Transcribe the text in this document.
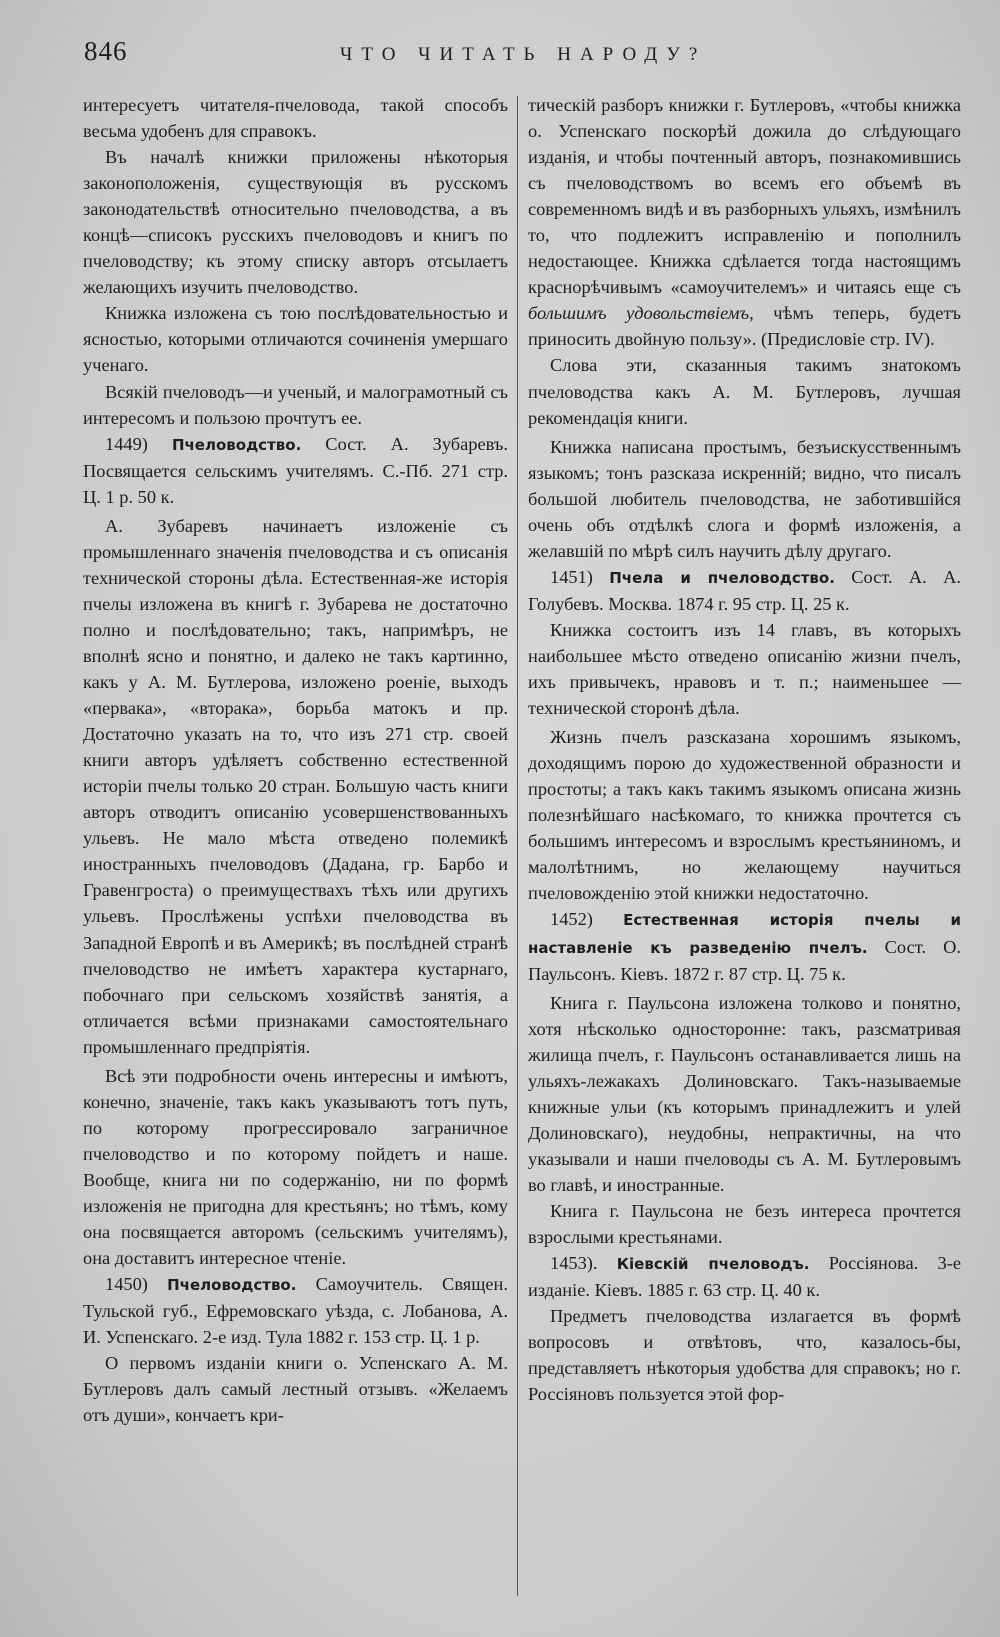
846	ЧТО ЧИТАТЬ НАРОДУ?

интересуетъ читателя-пчеловода, такой способъ весьма удобенъ для справокъ.

Въ началѣ книжки приложены нѣкоторыя законоположенія, существующія въ русскомъ законодательствѣ относительно пчеловодства, а въ концѣ—списокъ русскихъ пчеловодовъ и книгъ по пчеловодству; къ этому списку авторъ отсылаетъ желающихъ изучить пчеловодство.

Книжка изложена съ тою послѣдовательностью и ясностью, которыми отличаются сочиненія умершаго ученаго.

Всякій пчеловодъ—и ученый, и малограмотный съ интересомъ и пользою прочтутъ ее.

1449) Пчеловодство. Сост. А. Зубаревъ. Посвящается сельскимъ учителямъ. С.-Пб. 271 стр. Ц. 1 р. 50 к.

А. Зубаревъ начинаетъ изложеніе съ промышленнаго значенія пчеловодства и съ описанія технической стороны дѣла. Естественная-же исторія пчелы изложена въ книгѣ г. Зубарева не достаточно полно и послѣдовательно; такъ, напримѣръ, не вполнѣ ясно и понятно, и далеко не такъ картинно, какъ у А. М. Бутлерова, изложено роеніе, выходъ «первака», «вторака», борьба матокъ и пр. Достаточно указать на то, что изъ 271 стр. своей книги авторъ удѣляетъ собственно естественной исторіи пчелы только 20 стран. Большую часть книги авторъ отводитъ описанію усовершенствованныхъ ульевъ. Не мало мѣста отведено полемикѣ иностранныхъ пчеловодовъ (Дадана, гр. Барбо и Гравенгроста) о преимуществахъ тѣхъ или другихъ ульевъ. Прослѣжены успѣхи пчеловодства въ Западной Европѣ и въ Америкѣ; въ послѣдней странѣ пчеловодство не имѣетъ характера кустарнаго, побочнаго при сельскомъ хозяйствѣ занятія, а отличается всѣми признаками самостоятельнаго промышленнаго предпріятія.

Всѣ эти подробности очень интересны и имѣютъ, конечно, значеніе, такъ какъ указываютъ тотъ путь, по которому прогрессировало заграничное пчеловодство и по которому пойдетъ и наше. Вообще, книга ни по содержанію, ни по формѣ изложенія не пригодна для крестьянъ; но тѣмъ, кому она посвящается авторомъ (сельскимъ учителямъ), она доставитъ интересное чтеніе.

1450) Пчеловодство. Самоучитель. Священ. Тульской губ., Ефремовскаго уѣзда, с. Лобанова, А. И. Успенскаго. 2-е изд. Тула 1882 г. 153 стр. Ц. 1 р.

О первомъ изданіи книги о. Успенскаго А. М. Бутлеровъ далъ самый лестный отзывъ. «Желаемъ отъ души», кончаетъ кри-

тическій разборъ книжки г. Бутлеровъ, «чтобы книжка о. Успенскаго поскорѣй дожила до слѣдующаго изданія, и чтобы почтенный авторъ, познакомившись съ пчеловодствомъ во всемъ его объемѣ въ современномъ видѣ и въ разборныхъ ульяхъ, измѣнилъ то, что подлежитъ исправленію и пополнилъ недостающее. Книжка сдѣлается тогда настоящимъ краснорѣчивымъ «самоучителемъ» и читаясь еще съ большимъ удовольствіемъ, чѣмъ теперь, будетъ приносить двойную пользу». (Предисловіе стр. IV).

Слова эти, сказанныя такимъ знатокомъ пчеловодства какъ А. М. Бутлеровъ, лучшая рекомендація книги.

Книжка написана простымъ, безъискусственнымъ языкомъ; тонъ разсказа искренній; видно, что писалъ большой любитель пчеловодства, не заботившійся очень объ отдѣлкѣ слога и формѣ изложенія, а желавшій по мѣрѣ силъ научить дѣлу другаго.

1451) Пчела и пчеловодство. Сост. А. А. Голубевъ. Москва. 1874 г. 95 стр. Ц. 25 к.

Книжка состоитъ изъ 14 главъ, въ которыхъ наибольшее мѣсто отведено описанію жизни пчелъ, ихъ привычекъ, нравовъ и т. п.; наименьшее — технической сторонѣ дѣла.

Жизнь пчелъ разсказана хорошимъ языкомъ, доходящимъ порою до художественной образности и простоты; а такъ какъ такимъ языкомъ описана жизнь полезнѣйшаго насѣкомаго, то книжка прочтется съ большимъ интересомъ и взрослымъ крестьяниномъ, и малолѣтнимъ, но желающему научиться пчеловожденію этой книжки недостаточно.

1452) Естественная исторія пчелы и наставленіе къ разведенію пчелъ. Сост. О. Паульсонъ. Кіевъ. 1872 г. 87 стр. Ц. 75 к.

Книга г. Паульсона изложена толково и понятно, хотя нѣсколько односторонне: такъ, разсматривая жилища пчелъ, г. Паульсонъ останавливается лишь на ульяхъ-лежакахъ Долиновскаго. Такъ-называемые книжные ульи (къ которымъ принадлежитъ и улей Долиновскаго), неудобны, непрактичны, на что указывали и наши пчеловоды съ А. М. Бутлеровымъ во главѣ, и иностранные.

Книга г. Паульсона не безъ интереса прочтется взрослыми крестьянами.

1453). Кіевскій пчеловодъ. Россіянова. 3-е изданіе. Кіевъ. 1885 г. 63 стр. Ц. 40 к.

Предметъ пчеловодства излагается въ формѣ вопросовъ и отвѣтовъ, что, казалось-бы, представляетъ нѣкоторыя удобства для справокъ; но г. Россіяновъ пользуется этой фор-
